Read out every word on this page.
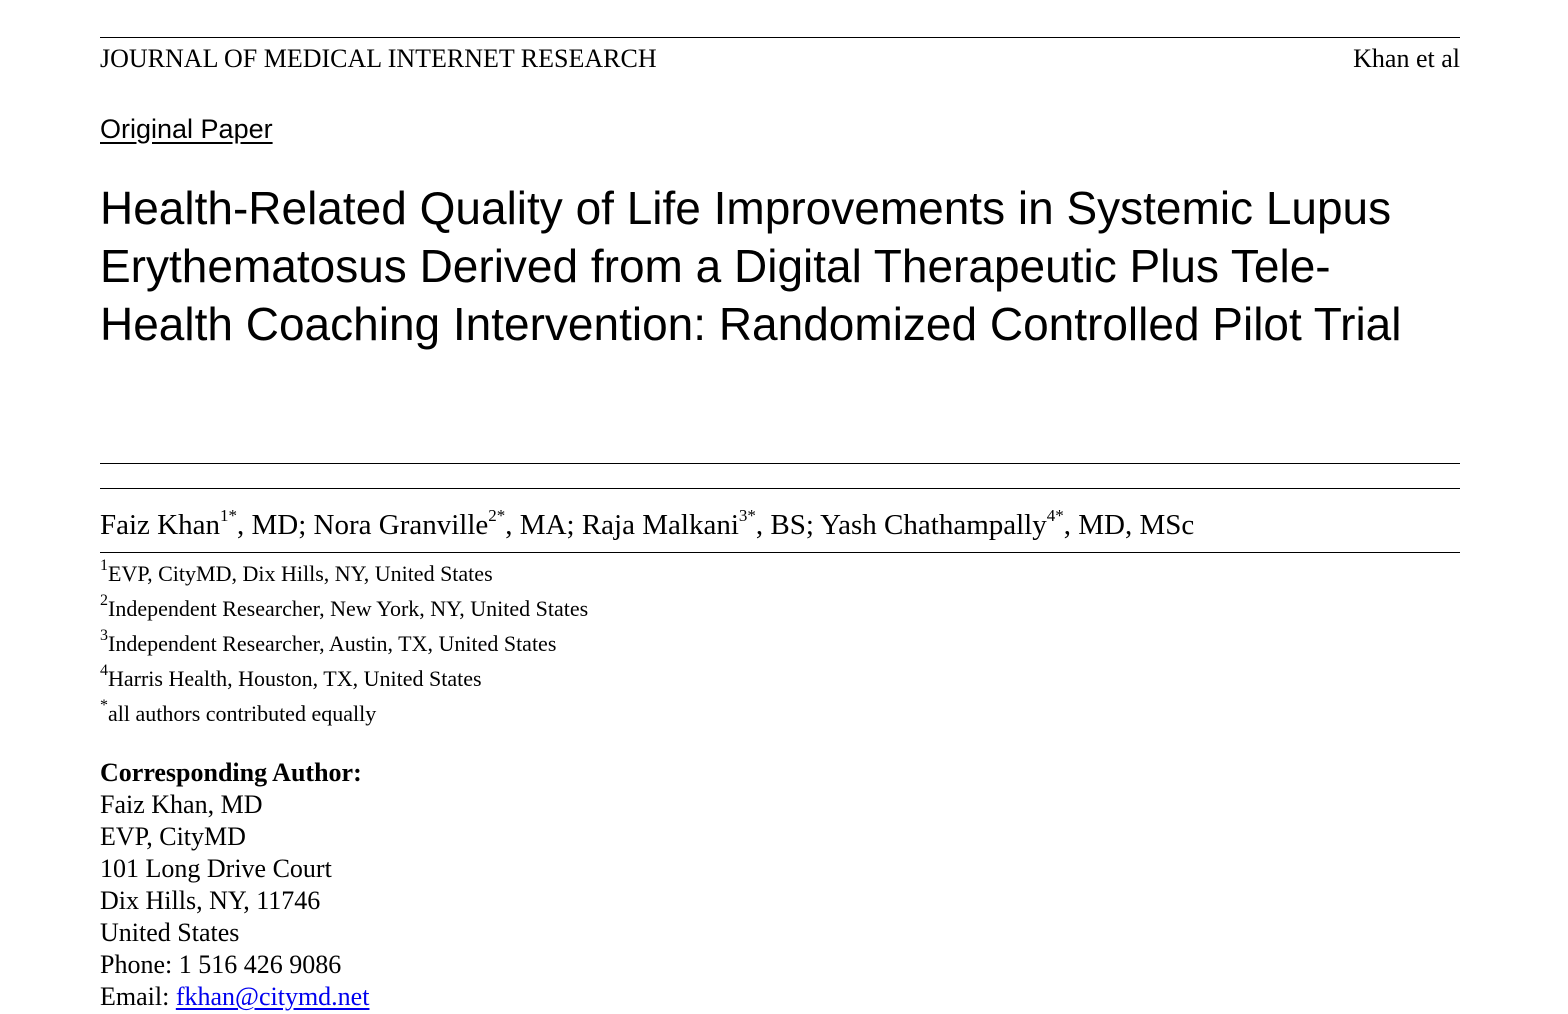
JOURNAL OF MEDICAL INTERNET RESEARCH	Khan et al
Original Paper
Health-Related Quality of Life Improvements in Systemic Lupus Erythematosus Derived from a Digital Therapeutic Plus Tele-Health Coaching Intervention: Randomized Controlled Pilot Trial
Faiz Khan$^{1*}$, MD; Nora Granville$^{2*}$, MA; Raja Malkani$^{3*}$, BS; Yash Chathampally$^{4*}$, MD, MSc
$^1$EVP, CityMD, Dix Hills, NY, United States
$^2$Independent Researcher, New York, NY, United States
$^3$Independent Researcher, Austin, TX, United States
$^4$Harris Health, Houston, TX, United States
*all authors contributed equally
Corresponding Author:
Faiz Khan, MD
EVP, CityMD
101 Long Drive Court
Dix Hills, NY, 11746
United States
Phone: 1 516 426 9086
Email: fkhan@citymd.net
